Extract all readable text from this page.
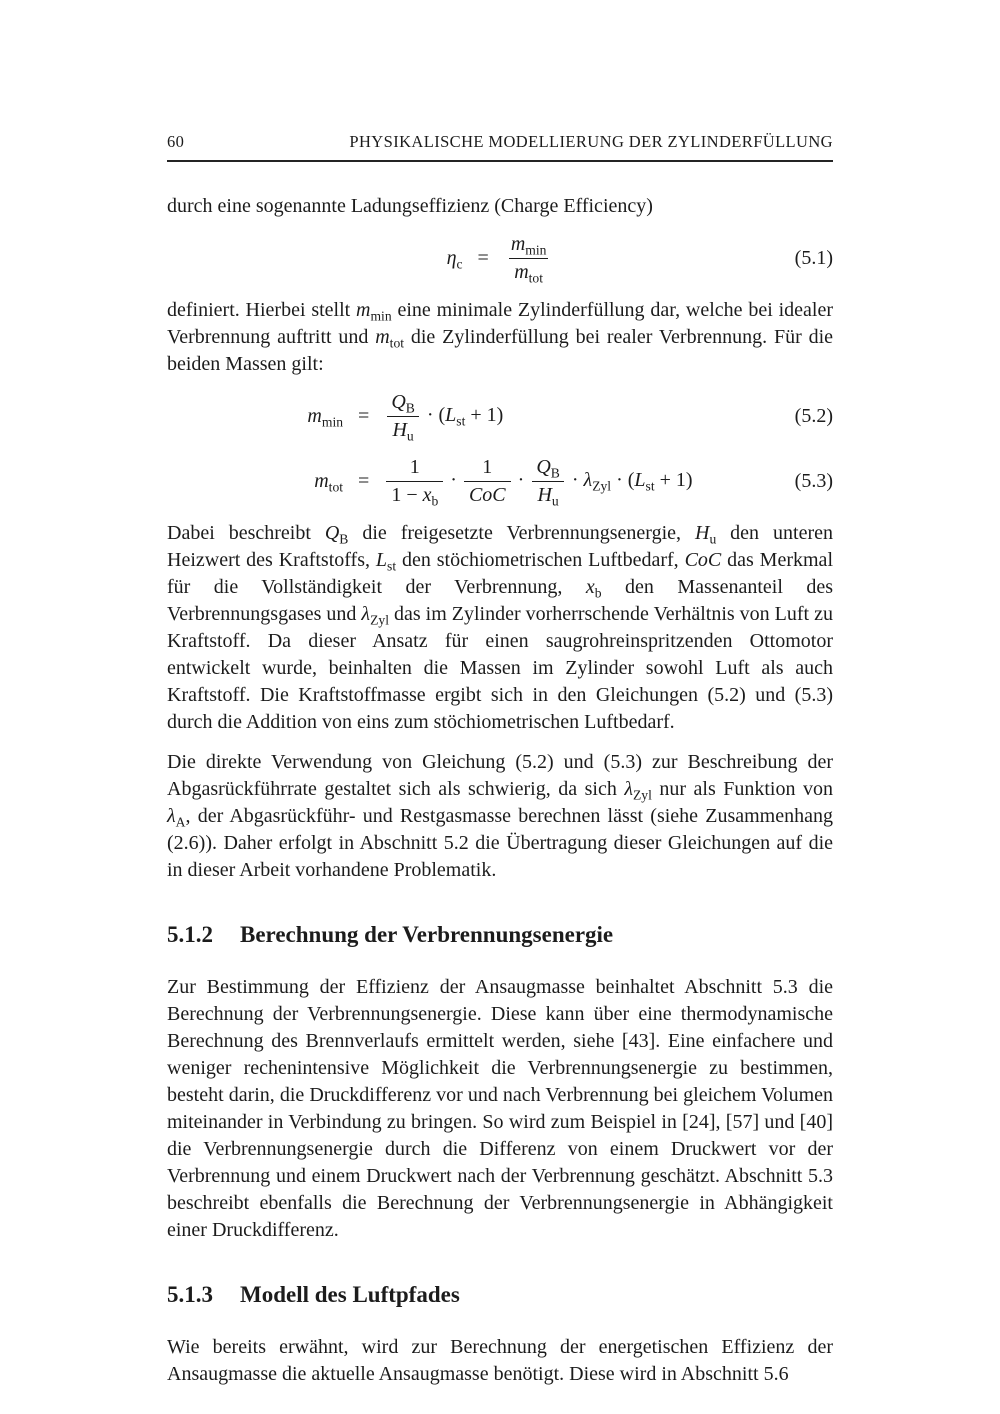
60	PHYSIKALISCHE MODELLIERUNG DER ZYLINDERFÜLLUNG

durch eine sogenannte Ladungseffizienz (Charge Efficiency)

$\eta_c = \frac{m_{min}}{m_{tot}}$	(5.1)

definiert. Hierbei stellt $m_{min}$ eine minimale Zylinderfüllung dar, welche bei idealer Verbrennung auftritt und $m_{tot}$ die Zylinderfüllung bei realer Verbrennung. Für die beiden Massen gilt:

$m_{min} = \frac{Q_B}{H_u} \cdot (L_{st} + 1)$	(5.2)
$m_{tot} = \frac{1}{1 - x_b} \cdot \frac{1}{\text{CoC}} \cdot \frac{Q_B}{H_u} \cdot \lambda_{Zyl} \cdot (L_{st} + 1)$	(5.3)

Dabei beschreibt $Q_B$ die freigesetzte Verbrennungsenergie, $H_u$ den unteren Heizwert des Kraftstoffs, $L_{st}$ den stöchiometrischen Luftbedarf, CoC das Merkmal für die Vollständigkeit der Verbrennung, $x_b$ den Massenanteil des Verbrennungsgases und $\lambda_{Zyl}$ das im Zylinder vorherrschende Verhältnis von Luft zu Kraftstoff. Da dieser Ansatz für einen saugrohreinspritzenden Ottomotor entwickelt wurde, beinhalten die Massen im Zylinder sowohl Luft als auch Kraftstoff. Die Kraftstoffmasse ergibt sich in den Gleichungen (5.2) und (5.3) durch die Addition von eins zum stöchiometrischen Luftbedarf.

Die direkte Verwendung von Gleichung (5.2) und (5.3) zur Beschreibung der Abgasrückführrate gestaltet sich als schwierig, da sich $\lambda_{Zyl}$ nur als Funktion von $\lambda_A$, der Abgasrückführ- und Restgasmasse berechnen lässt (siehe Zusammenhang (2.6)). Daher erfolgt in Abschnitt 5.2 die Übertragung dieser Gleichungen auf die in dieser Arbeit vorhandene Problematik.

5.1.2 Berechnung der Verbrennungsenergie

Zur Bestimmung der Effizienz der Ansaugmasse beinhaltet Abschnitt 5.3 die Berechnung der Verbrennungsenergie. Diese kann über eine thermodynamische Berechnung des Brennverlaufs ermittelt werden, siehe [43]. Eine einfachere und weniger rechenintensive Möglichkeit die Verbrennungsenergie zu bestimmen, besteht darin, die Druckdifferenz vor und nach Verbrennung bei gleichem Volumen miteinander in Verbindung zu bringen. So wird zum Beispiel in [24], [57] und [40] die Verbrennungsenergie durch die Differenz von einem Druckwert vor der Verbrennung und einem Druckwert nach der Verbrennung geschätzt. Abschnitt 5.3 beschreibt ebenfalls die Berechnung der Verbrennungsenergie in Abhängigkeit einer Druckdifferenz.

5.1.3 Modell des Luftpfades

Wie bereits erwähnt, wird zur Berechnung der energetischen Effizienz der Ansaugmasse die aktuelle Ansaugmasse benötigt. Diese wird in Abschnitt 5.6
